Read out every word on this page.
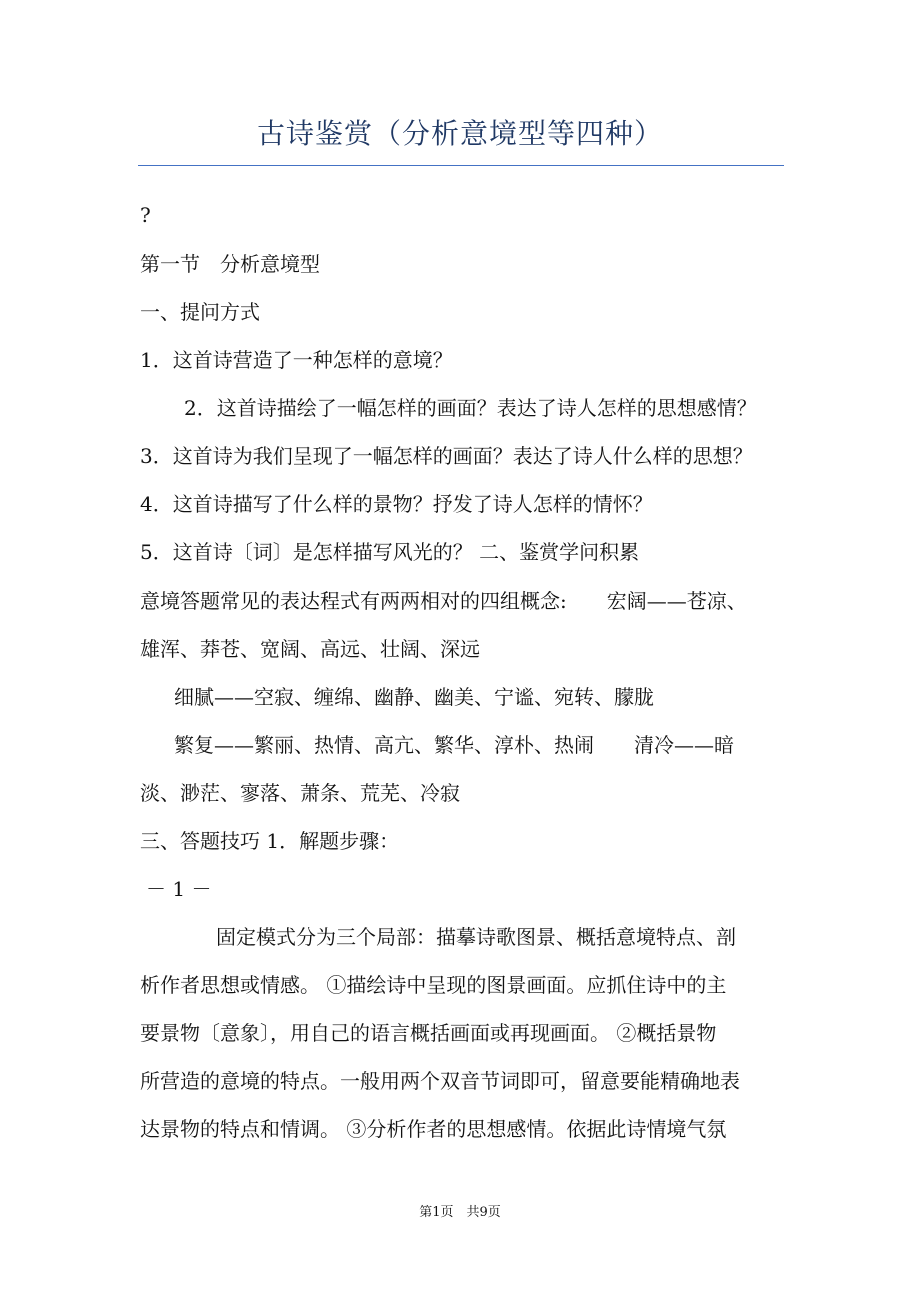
古诗鉴赏（分析意境型等四种）
?
第一节　分析意境型
一、提问方式
1．这首诗营造了一种怎样的意境？
2．这首诗描绘了一幅怎样的画面？表达了诗人怎样的思想感情？
3．这首诗为我们呈现了一幅怎样的画面？表达了诗人什么样的思想？
4．这首诗描写了什么样的景物？抒发了诗人怎样的情怀？
5．这首诗〔词〕是怎样描写风光的？ 二、鉴赏学问积累
意境答题常见的表达程式有两两相对的四组概念:　　宏阔——苍凉、
雄浑、莽苍、宽阔、高远、壮阔、深远
细腻——空寂、缠绵、幽静、幽美、宁谧、宛转、朦胧
繁复——繁丽、热情、高亢、繁华、淳朴、热闹　　清冷——暗
淡、渺茫、寥落、萧条、荒芜、冷寂
三、答题技巧 1．解题步骤：
－ 1 －
固定模式分为三个局部：描摹诗歌图景、概括意境特点、剖
析作者思想或情感。 ①描绘诗中呈现的图景画面。应抓住诗中的主
要景物〔意象〕，用自己的语言概括画面或再现画面。 ②概括景物
所营造的意境的特点。一般用两个双音节词即可，留意要能精确地表
达景物的特点和情调。 ③分析作者的思想感情。依据此诗情境气氛
第1页　共9页
